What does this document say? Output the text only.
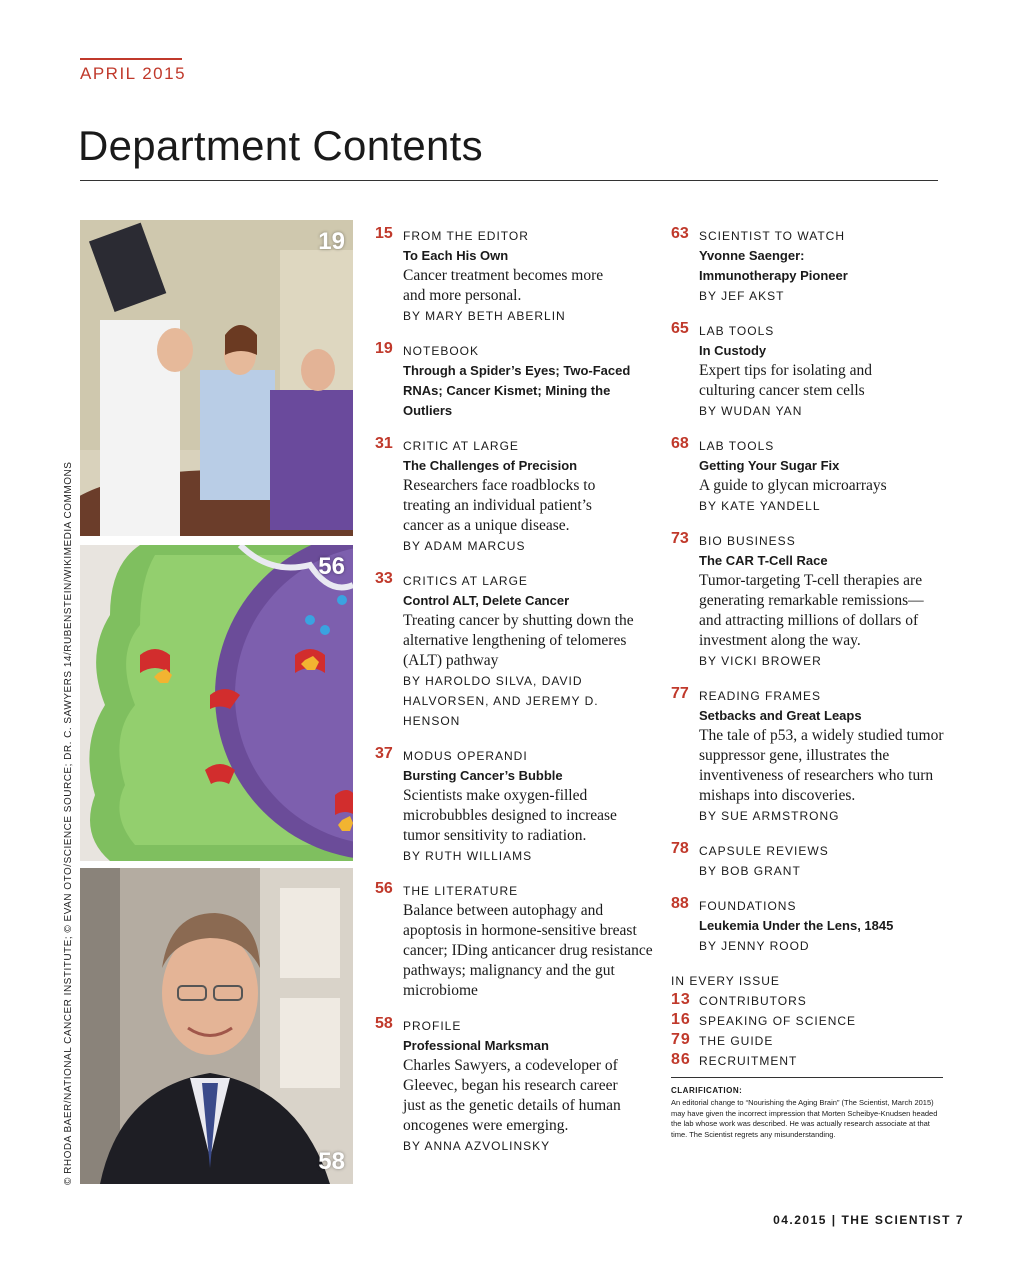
APRIL 2015
Department Contents
© RHODA BAER/NATIONAL CANCER INSTITUTE; © EVAN OTO/SCIENCE SOURCE; DR. C. SAWYERS 14/RUBENSTEIN/WIKIMEDIA COMMONS
19
56
58
15 FROM THE EDITOR
To Each His Own
Cancer treatment becomes more and more personal.
BY MARY BETH ABERLIN
19 NOTEBOOK
Through a Spider’s Eyes; Two-Faced RNAs; Cancer Kismet; Mining the Outliers
31 CRITIC AT LARGE
The Challenges of Precision
Researchers face roadblocks to treating an individual patient’s cancer as a unique disease.
BY ADAM MARCUS
33 CRITICS AT LARGE
Control ALT, Delete Cancer
Treating cancer by shutting down the alternative lengthening of telomeres (ALT) pathway
BY HAROLDO SILVA, DAVID HALVORSEN, AND JEREMY D. HENSON
37 MODUS OPERANDI
Bursting Cancer’s Bubble
Scientists make oxygen-filled microbubbles designed to increase tumor sensitivity to radiation.
BY RUTH WILLIAMS
56 THE LITERATURE
Balance between autophagy and apoptosis in hormone-sensitive breast cancer; IDing anticancer drug resistance pathways; malignancy and the gut microbiome
58 PROFILE
Professional Marksman
Charles Sawyers, a codeveloper of Gleevec, began his research career just as the genetic details of human oncogenes were emerging.
BY ANNA AZVOLINSKY
63 SCIENTIST TO WATCH
Yvonne Saenger: Immunotherapy Pioneer
BY JEF AKST
65 LAB TOOLS
In Custody
Expert tips for isolating and culturing cancer stem cells
BY WUDAN YAN
68 LAB TOOLS
Getting Your Sugar Fix
A guide to glycan microarrays
BY KATE YANDELL
73 BIO BUSINESS
The CAR T-Cell Race
Tumor-targeting T-cell therapies are generating remarkable remissions—and attracting millions of dollars of investment along the way.
BY VICKI BROWER
77 READING FRAMES
Setbacks and Great Leaps
The tale of p53, a widely studied tumor suppressor gene, illustrates the inventiveness of researchers who turn mishaps into discoveries.
BY SUE ARMSTRONG
78 CAPSULE REVIEWS
BY BOB GRANT
88 FOUNDATIONS
Leukemia Under the Lens, 1845
BY JENNY ROOD
IN EVERY ISSUE
13 CONTRIBUTORS
16 SPEAKING OF SCIENCE
79 THE GUIDE
86 RECRUITMENT
CLARIFICATION:
An editorial change to “Nourishing the Aging Brain” (The Scientist, March 2015) may have given the incorrect impression that Morten Scheibye-Knudsen headed the lab whose work was described. He was actually research associate at that time. The Scientist regrets any misunderstanding.
04.2015 | THE SCIENTIST 7
